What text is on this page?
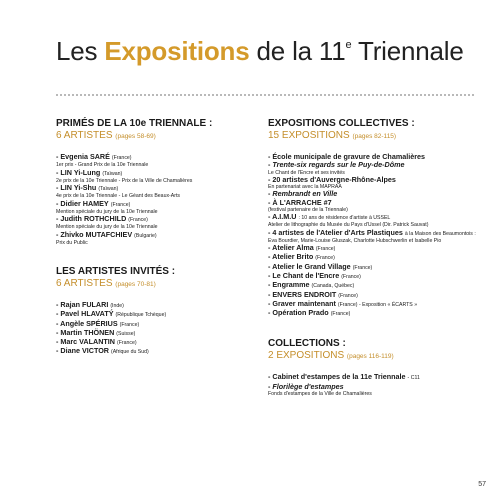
Les Expositions de la 11e Triennale
PRIMÉS DE LA 10e TRIENNALE :
6 ARTISTES (pages 58-69)
- Evgenia SARÉ (France)
1er prix - Grand Prix de la 10e Triennale
- LIN Yi-Lung (Taïwan)
2e prix de la 10e Triennale - Prix de la Ville de Chamalières
- LIN Yi-Shu (Taïwan)
4e prix de la 10e Triennale - Le Géant des Beaux-Arts
- Didier HAMEY (France)
Mention spéciale du jury de la 10e Triennale
- Judith ROTHCHILD (France)
Mention spéciale du jury de la 10e Triennale
- Zhivko MUTAFCHIEV (Bulgarie)
Prix du Public
LES ARTISTES INVITÉS :
6 ARTISTES (pages 70-81)
- Rajan FULARI (Inde)
- Pavel HLAVATÝ (République Tchèque)
- Angèle SPÉRIUS (France)
- Martin THÖNEN (Suisse)
- Marc VALANTIN (France)
- Diane VICTOR (Afrique du Sud)
EXPOSITIONS COLLECTIVES :
15 EXPOSITIONS (pages 82-115)
- École municipale de gravure de Chamalières
- Trente-six regards sur le Puy-de-Dôme
Le Chant de l'Encre et ses invités
- 20 artistes d'Auvergne-Rhône-Alpes
En partenariat avec la MAPRAA
- Rembrandt en Ville
- À L'ARRACHE #7
(festival partenaire de la Triennale)
- A.I.M.U : 10 ans de résidence d'artiste à USSEL
Atelier de lithographie du Musée du Pays d'Ussel (Dir. Patrick Sauvat)
- 4 artistes de l'Atelier d'Arts Plastiques à la Maison des Beaumontois :
Eva Bourdier, Marie-Louise Gluszak, Charlotte Hubschwerlin et Isabelle Pio
- Atelier Alma (France)
- Atelier Brito (France)
- Atelier le Grand Village (France)
- Le Chant de l'Encre (France)
- Engramme (Canada, Québec)
- ENVERS ENDROIT (France)
- Graver maintenant (France) - Exposition « ÉCARTS »
- Opération Prado (France)
COLLECTIONS :
2 EXPOSITIONS (pages 116-119)
- Cabinet d'estampes de la 11e Triennale - C11
- Florilège d'estampes
Fonds d'estampes de la Ville de Chamalières
57
